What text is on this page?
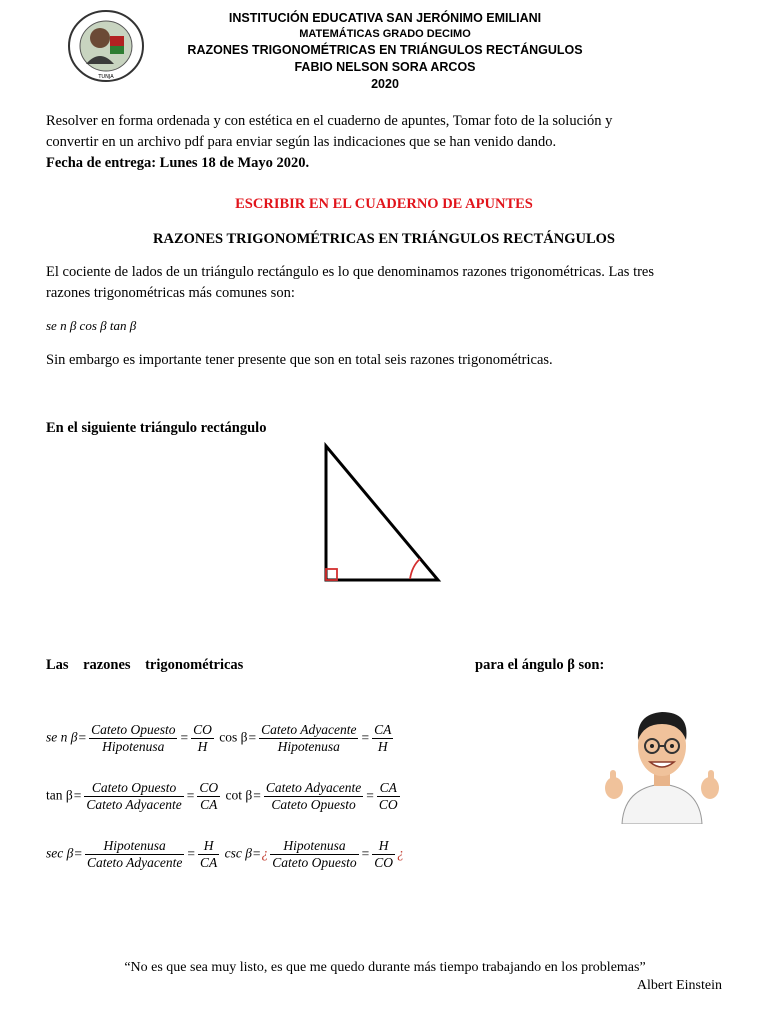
TUNJA
INSTITUCIÓN EDUCATIVA SAN JERÓNIMO EMILIANI
MATEMÁTICAS GRADO DECIMO
RAZONES TRIGONOMÉTRICAS EN TRIÁNGULOS RECTÁNGULOS
FABIO NELSON SORA ARCOS
2020
Resolver en forma ordenada y con estética en el cuaderno de apuntes, Tomar foto de la solución y
convertir en un archivo pdf para enviar según las indicaciones que se han venido dando.
Fecha de entrega: Lunes 18 de Mayo 2020.
ESCRIBIR EN EL CUADERNO DE APUNTES
RAZONES TRIGONOMÉTRICAS EN TRIÁNGULOS RECTÁNGULOS
El cociente de lados de un triángulo rectángulo es lo que denominamos razones trigonométricas. Las tres
razones trigonométricas más comunes son:
se n β cos β tan β
Sin embargo es importante tener presente que son en total seis razones trigonométricas.
En el siguiente triángulo rectángulo
Las    razones    trigonométricas	para el ángulo β son:
se n $\beta= \frac{\text{Cateto Opuesto}}{\text{Hipotenusa}} = \frac{CO}{H}$ $\cos \beta= \frac{\text{Cateto Adyacente}}{\text{Hipotenusa}} = \frac{CA}{H}$
$\tan \beta= \frac{\text{Cateto Opuesto}}{\text{Cateto Adyacente}} = \frac{CO}{CA}$ $\cot \beta= \frac{\text{Cateto Adyacente}}{\text{Cateto Opuesto}} = \frac{CA}{CO}$
$\sec \beta= \frac{\text{Hipotenusa}}{\text{Cateto Adyacente}} = \frac{H}{CA}$ csc β=¿ $\frac{\text{Hipotenusa}}{\text{Cateto Opuesto}} = \frac{H}{CO}$ ¿
“No es que sea muy listo, es que me quedo durante más tiempo trabajando en los problemas”
Albert Einstein
